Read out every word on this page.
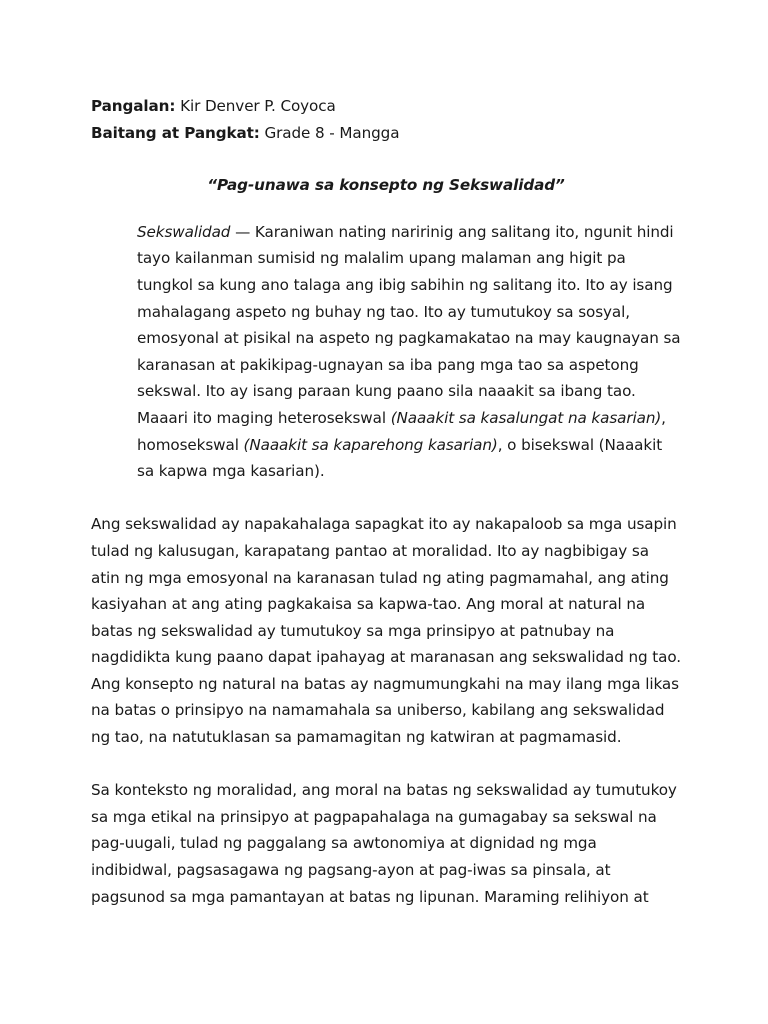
Pangalan: Kir Denver P. Coyoca

Baitang at Pangkat: Grade 8 - Mangga

“Pag-unawa sa konsepto ng Sekswalidad”

Sekswalidad — Karaniwan nating naririnig ang salitang ito, ngunit hindi tayo kailanman sumisid ng malalim upang malaman ang higit pa tungkol sa kung ano talaga ang ibig sabihin ng salitang ito. Ito ay isang mahalagang aspeto ng buhay ng tao. Ito ay tumutukoy sa sosyal, emosyonal at pisikal na aspeto ng pagkamakatao na may kaugnayan sa karanasan at pakikipag-ugnayan sa iba pang mga tao sa aspetong sekswal. Ito ay isang paraan kung paano sila naaakit sa ibang tao. Maaari ito maging heterosekswal (Naaakit sa kasalungat na kasarian), homosekswal (Naaakit sa kaparehong kasarian), o bisekswal (Naaakit sa kapwa mga kasarian).

Ang sekswalidad ay napakahalaga sapagkat ito ay nakapaloob sa mga usapin tulad ng kalusugan, karapatang pantao at moralidad. Ito ay nagbibigay sa atin ng mga emosyonal na karanasan tulad ng ating pagmamahal, ang ating kasiyahan at ang ating pagkakaisa sa kapwa-tao. Ang moral at natural na batas ng sekswalidad ay tumutukoy sa mga prinsipyo at patnubay na nagdidikta kung paano dapat ipahayag at maranasan ang sekswalidad ng tao. Ang konsepto ng natural na batas ay nagmumungkahi na may ilang mga likas na batas o prinsipyo na namamahala sa uniberso, kabilang ang sekswalidad ng tao, na natutuklasan sa pamamagitan ng katwiran at pagmamasid.

Sa konteksto ng moralidad, ang moral na batas ng sekswalidad ay tumutukoy sa mga etikal na prinsipyo at pagpapahalaga na gumagabay sa sekswal na pag-uugali, tulad ng paggalang sa awtonomiya at dignidad ng mga indibidwal, pagsasagawa ng pagsang-ayon at pag-iwas sa pinsala, at pagsunod sa mga pamantayan at batas ng lipunan. Maraming relihiyon at
